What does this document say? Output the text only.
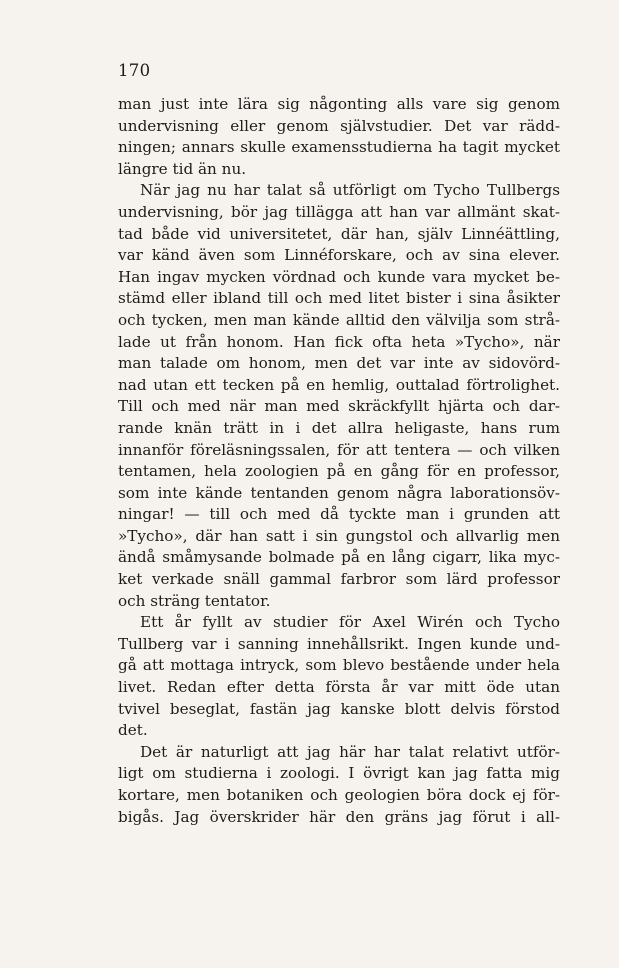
170
man just inte lära sig någonting alls vare sig genom
undervisning eller genom självstudier. Det var rädd-
ningen; annars skulle examensstudierna ha tagit mycket
längre tid än nu.
När jag nu har talat så utförligt om Tycho Tullbergs
undervisning, bör jag tillägga att han var allmänt skat-
tad både vid universitetet, där han, själv Linnéättling,
var känd även som Linnéforskare, och av sina elever.
Han ingav mycken vördnad och kunde vara mycket be-
stämd eller ibland till och med litet bister i sina åsikter
och tycken, men man kände alltid den välvilja som strå-
lade ut från honom. Han fick ofta heta »Tycho», när
man talade om honom, men det var inte av sidovörd-
nad utan ett tecken på en hemlig, outtalad förtrolighet.
Till och med när man med skräckfyllt hjärta och dar-
rande knän trätt in i det allra heligaste, hans rum
innanför föreläsningssalen, för att tentera — och vilken
tentamen, hela zoologien på en gång för en professor,
som inte kände tentanden genom några laborationsöv-
ningar! — till och med då tyckte man i grunden att
»Tycho», där han satt i sin gungstol och allvarlig men
ändå småmysande bolmade på en lång cigarr, lika myc-
ket verkade snäll gammal farbror som lärd professor
och sträng tentator.
Ett år fyllt av studier för Axel Wirén och Tycho
Tullberg var i sanning innehållsrikt. Ingen kunde und-
gå att mottaga intryck, som blevo bestående under hela
livet. Redan efter detta första år var mitt öde utan
tvivel beseglat, fastän jag kanske blott delvis förstod
det.
Det är naturligt att jag här har talat relativt utför-
ligt om studierna i zoologi. I övrigt kan jag fatta mig
kortare, men botaniken och geologien böra dock ej för-
bigås. Jag överskrider här den gräns jag förut i all-
